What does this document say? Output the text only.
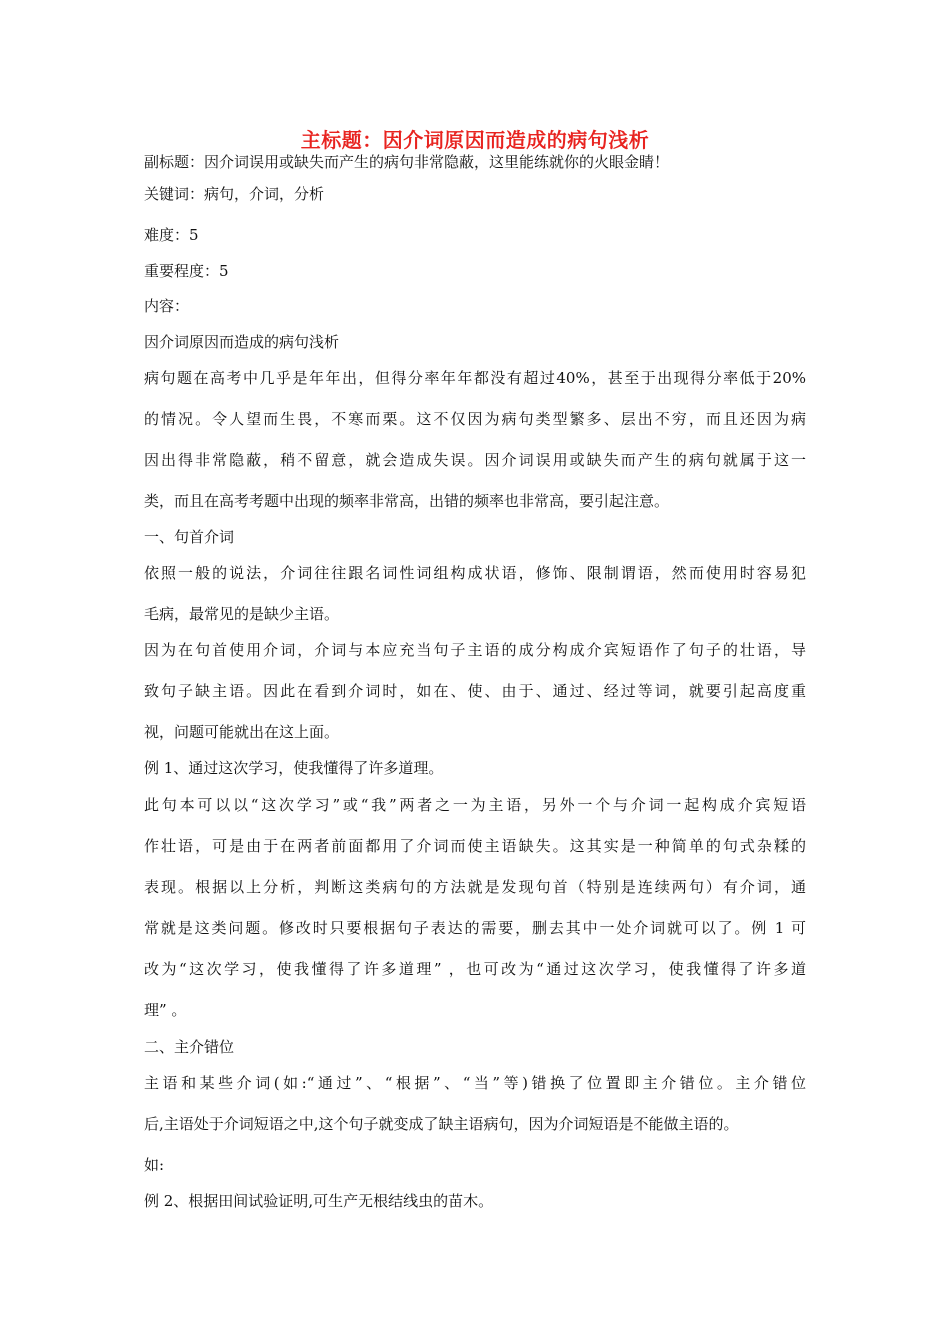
主标题：因介词原因而造成的病句浅析
副标题：因介词误用或缺失而产生的病句非常隐蔽，这里能练就你的火眼金睛！
关键词：病句，介词，分析
难度：5
重要程度：5
内容：
因介词原因而造成的病句浅析
病句题在高考中几乎是年年出，但得分率年年都没有超过40%，甚至于出现得分率低于20%
的情况。令人望而生畏，不寒而栗。这不仅因为病句类型繁多、层出不穷，而且还因为病
因出得非常隐蔽，稍不留意，就会造成失误。因介词误用或缺失而产生的病句就属于这一
类，而且在高考考题中出现的频率非常高，出错的频率也非常高，要引起注意。
一、句首介词
依照一般的说法，介词往往跟名词性词组构成状语，修饰、限制谓语，然而使用时容易犯
毛病，最常见的是缺少主语。
因为在句首使用介词，介词与本应充当句子主语的成分构成介宾短语作了句子的壮语，导
致句子缺主语。因此在看到介词时，如在、使、由于、通过、经过等词，就要引起高度重
视，问题可能就出在这上面。
例 1、通过这次学习，使我懂得了许多道理。
此句本可以以“这次学习”或“我”两者之一为主语，另外一个与介词一起构成介宾短语
作壮语，可是由于在两者前面都用了介词而使主语缺失。这其实是一种简单的句式杂糅的
表现。根据以上分析，判断这类病句的方法就是发现句首（特别是连续两句）有介词，通
常就是这类问题。修改时只要根据句子表达的需要，删去其中一处介词就可以了。例 1 可
改为“这次学习，使我懂得了许多道理” ，也可改为“通过这次学习，使我懂得了许多道
理” 。
二、主介错位
主语和某些介词(如:“通过”、“根据”、“当”等)错换了位置即主介错位。主介错位
后,主语处于介词短语之中,这个句子就变成了缺主语病句，因为介词短语是不能做主语的。
如:
例 2、根据田间试验证明,可生产无根结线虫的苗木。
